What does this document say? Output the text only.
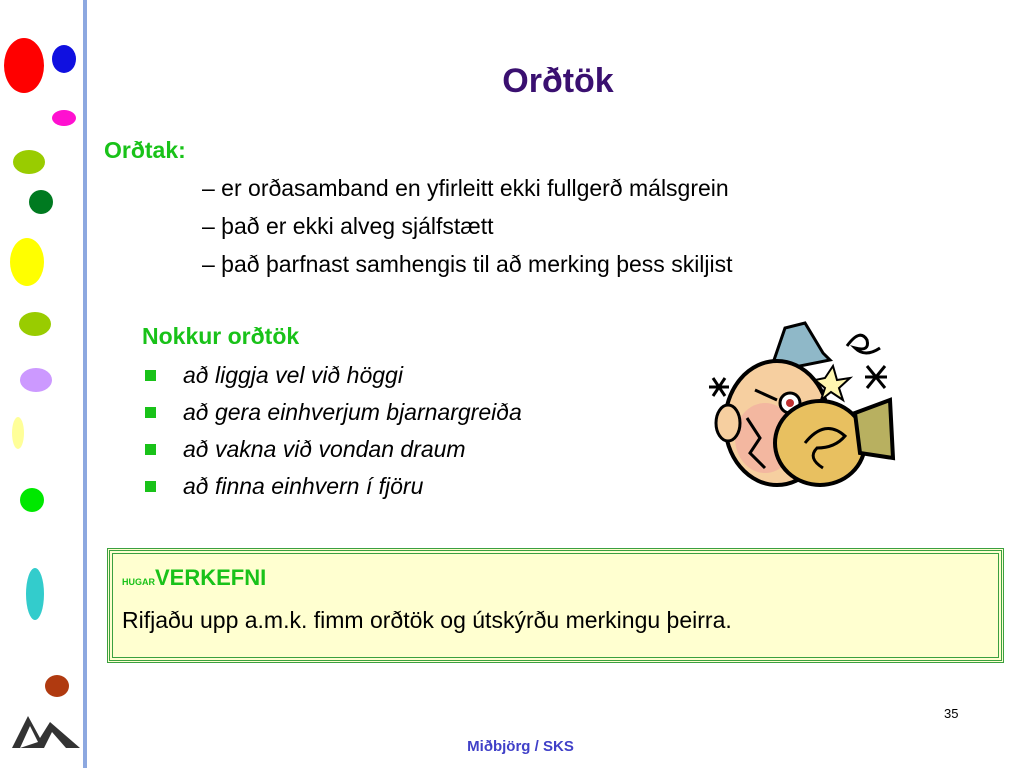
Orðtök
Orðtak:
– er orðasamband en yfirleitt ekki fullgerð málsgrein
– það er ekki alveg sjálfstætt
– það þarfnast samhengis til að merking þess skiljist
Nokkur orðtök
að liggja vel við höggi
að gera einhverjum bjarnargreiða
að vakna við vondan draum
að finna einhvern í fjöru
HUGARVERKEFNI
Rifjaðu upp a.m.k. fimm orðtök og útskýrðu merkingu þeirra.
35
Miðbjörg / SKS
